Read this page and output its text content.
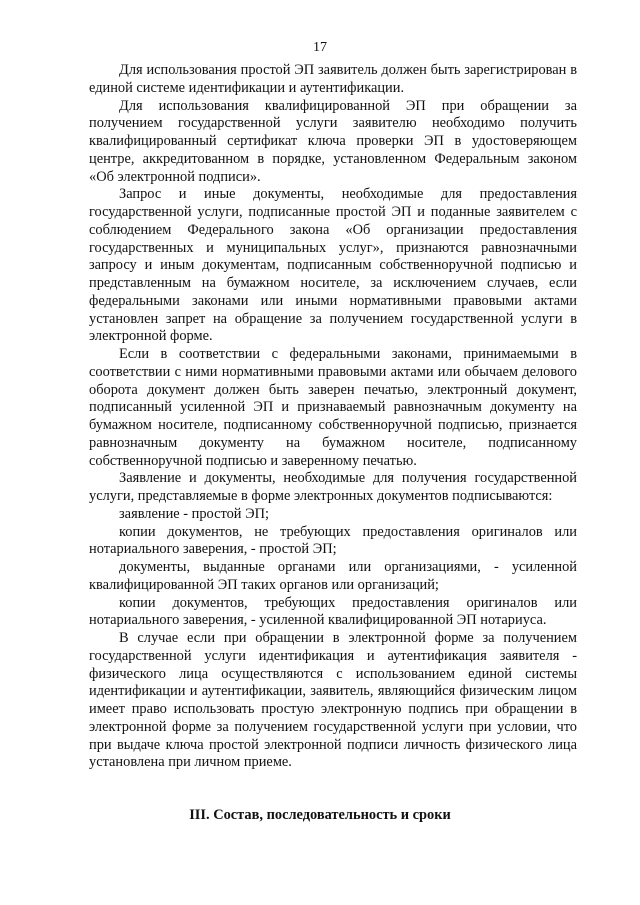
17

Для использования простой ЭП заявитель должен быть зарегистрирован в единой системе идентификации и аутентификации.

Для использования квалифицированной ЭП при обращении за получением государственной услуги заявителю необходимо получить квалифицированный сертификат ключа проверки ЭП в удостоверяющем центре, аккредитованном в порядке, установленном Федеральным законом «Об электронной подписи».

Запрос и иные документы, необходимые для предоставления государственной услуги, подписанные простой ЭП и поданные заявителем с соблюдением Федерального закона «Об организации предоставления государственных и муниципальных услуг», признаются равнозначными запросу и иным документам, подписанным собственноручной подписью и представленным на бумажном носителе, за исключением случаев, если федеральными законами или иными нормативными правовыми актами установлен запрет на обращение за получением государственной услуги в электронной форме.

Если в соответствии с федеральными законами, принимаемыми в соответствии с ними нормативными правовыми актами или обычаем делового оборота документ должен быть заверен печатью, электронный документ, подписанный усиленной ЭП и признаваемый равнозначным документу на бумажном носителе, подписанному собственноручной подписью, признается равнозначным документу на бумажном носителе, подписанному собственноручной подписью и заверенному печатью.

Заявление и документы, необходимые для получения государственной услуги, представляемые в форме электронных документов подписываются:

заявление - простой ЭП;

копии документов, не требующих предоставления оригиналов или нотариального заверения, - простой ЭП;

документы, выданные органами или организациями, - усиленной квалифицированной ЭП таких органов или организаций;

копии документов, требующих предоставления оригиналов или нотариального заверения, - усиленной квалифицированной ЭП нотариуса.

В случае если при обращении в электронной форме за получением государственной услуги идентификация и аутентификация заявителя - физического лица осуществляются с использованием единой системы идентификации и аутентификации, заявитель, являющийся физическим лицом имеет право использовать простую электронную подпись при обращении в электронной форме за получением государственной услуги при условии, что при выдаче ключа простой электронной подписи личность физического лица установлена при личном приеме.

III. Состав, последовательность и сроки
